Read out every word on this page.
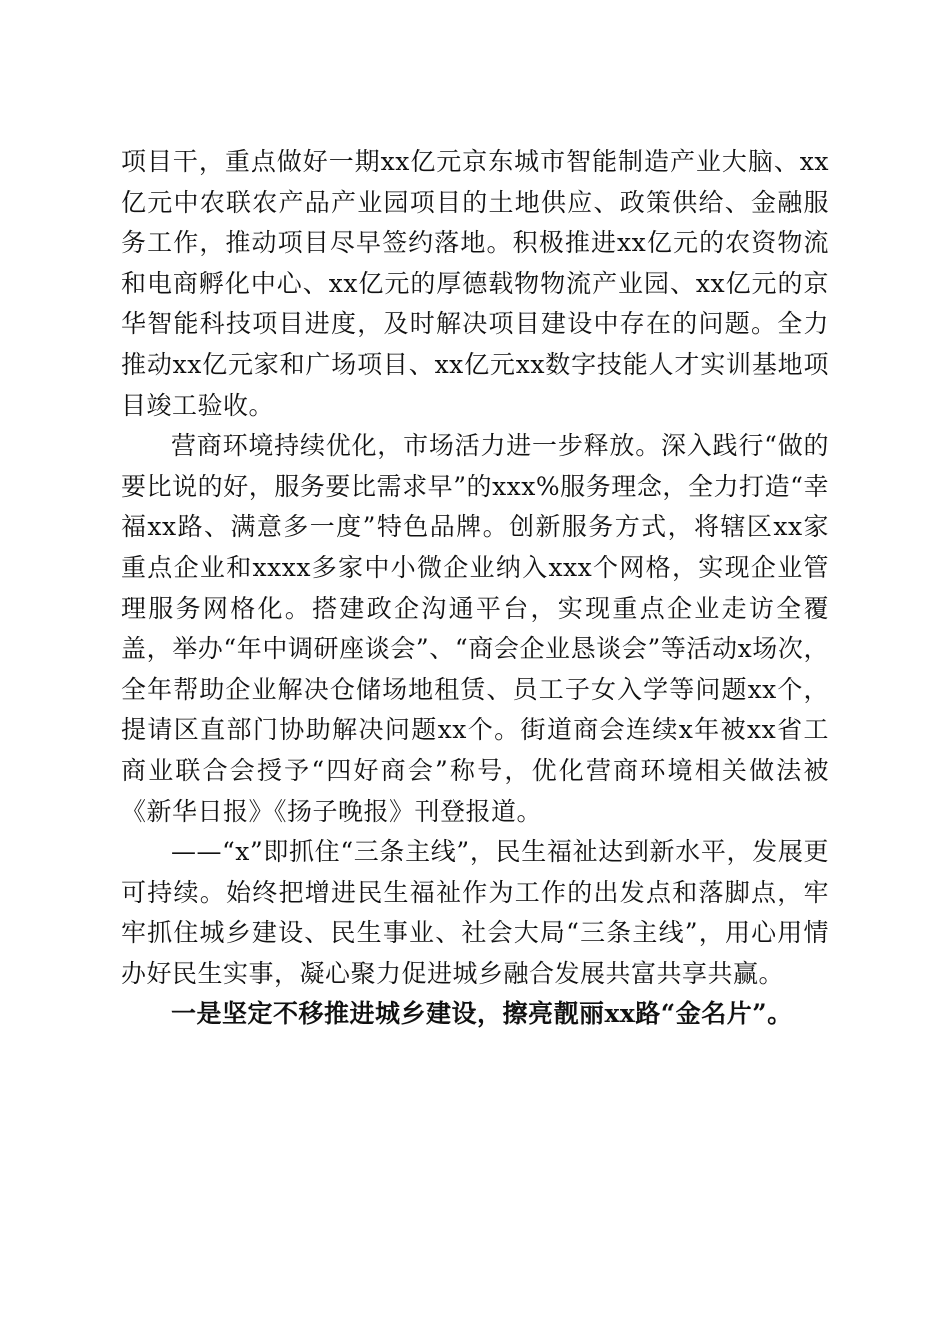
项目干，重点做好一期xx亿元京东城市智能制造产业大脑、xx亿元中农联农产品产业园项目的土地供应、政策供给、金融服务工作，推动项目尽早签约落地。积极推进xx亿元的农资物流和电商孵化中心、xx亿元的厚德载物物流产业园、xx亿元的京华智能科技项目进度，及时解决项目建设中存在的问题。全力推动xx亿元家和广场项目、xx亿元xx数字技能人才实训基地项目竣工验收。

营商环境持续优化，市场活力进一步释放。深入践行“做的要比说的好，服务要比需求早”的xxx%服务理念，全力打造“幸福xx路、满意多一度”特色品牌。创新服务方式，将辖区xx家重点企业和xxxx多家中小微企业纳入xxx个网格，实现企业管理服务网格化。搭建政企沟通平台，实现重点企业走访全覆盖，举办“年中调研座谈会”、“商会企业恳谈会”等活动x场次，全年帮助企业解决仓储场地租赁、员工子女入学等问题xx个，提请区直部门协助解决问题xx个。街道商会连续x年被xx省工商业联合会授予“四好商会”称号，优化营商环境相关做法被《新华日报》《扬子晚报》刊登报道。

——“x”即抓住“三条主线”，民生福祉达到新水平，发展更可持续。始终把增进民生福祉作为工作的出发点和落脚点，牢牢抓住城乡建设、民生事业、社会大局“三条主线”，用心用情办好民生实事，凝心聚力促进城乡融合发展共富共享共赢。

一是坚定不移推进城乡建设，擦亮靓丽xx路“金名片”。
